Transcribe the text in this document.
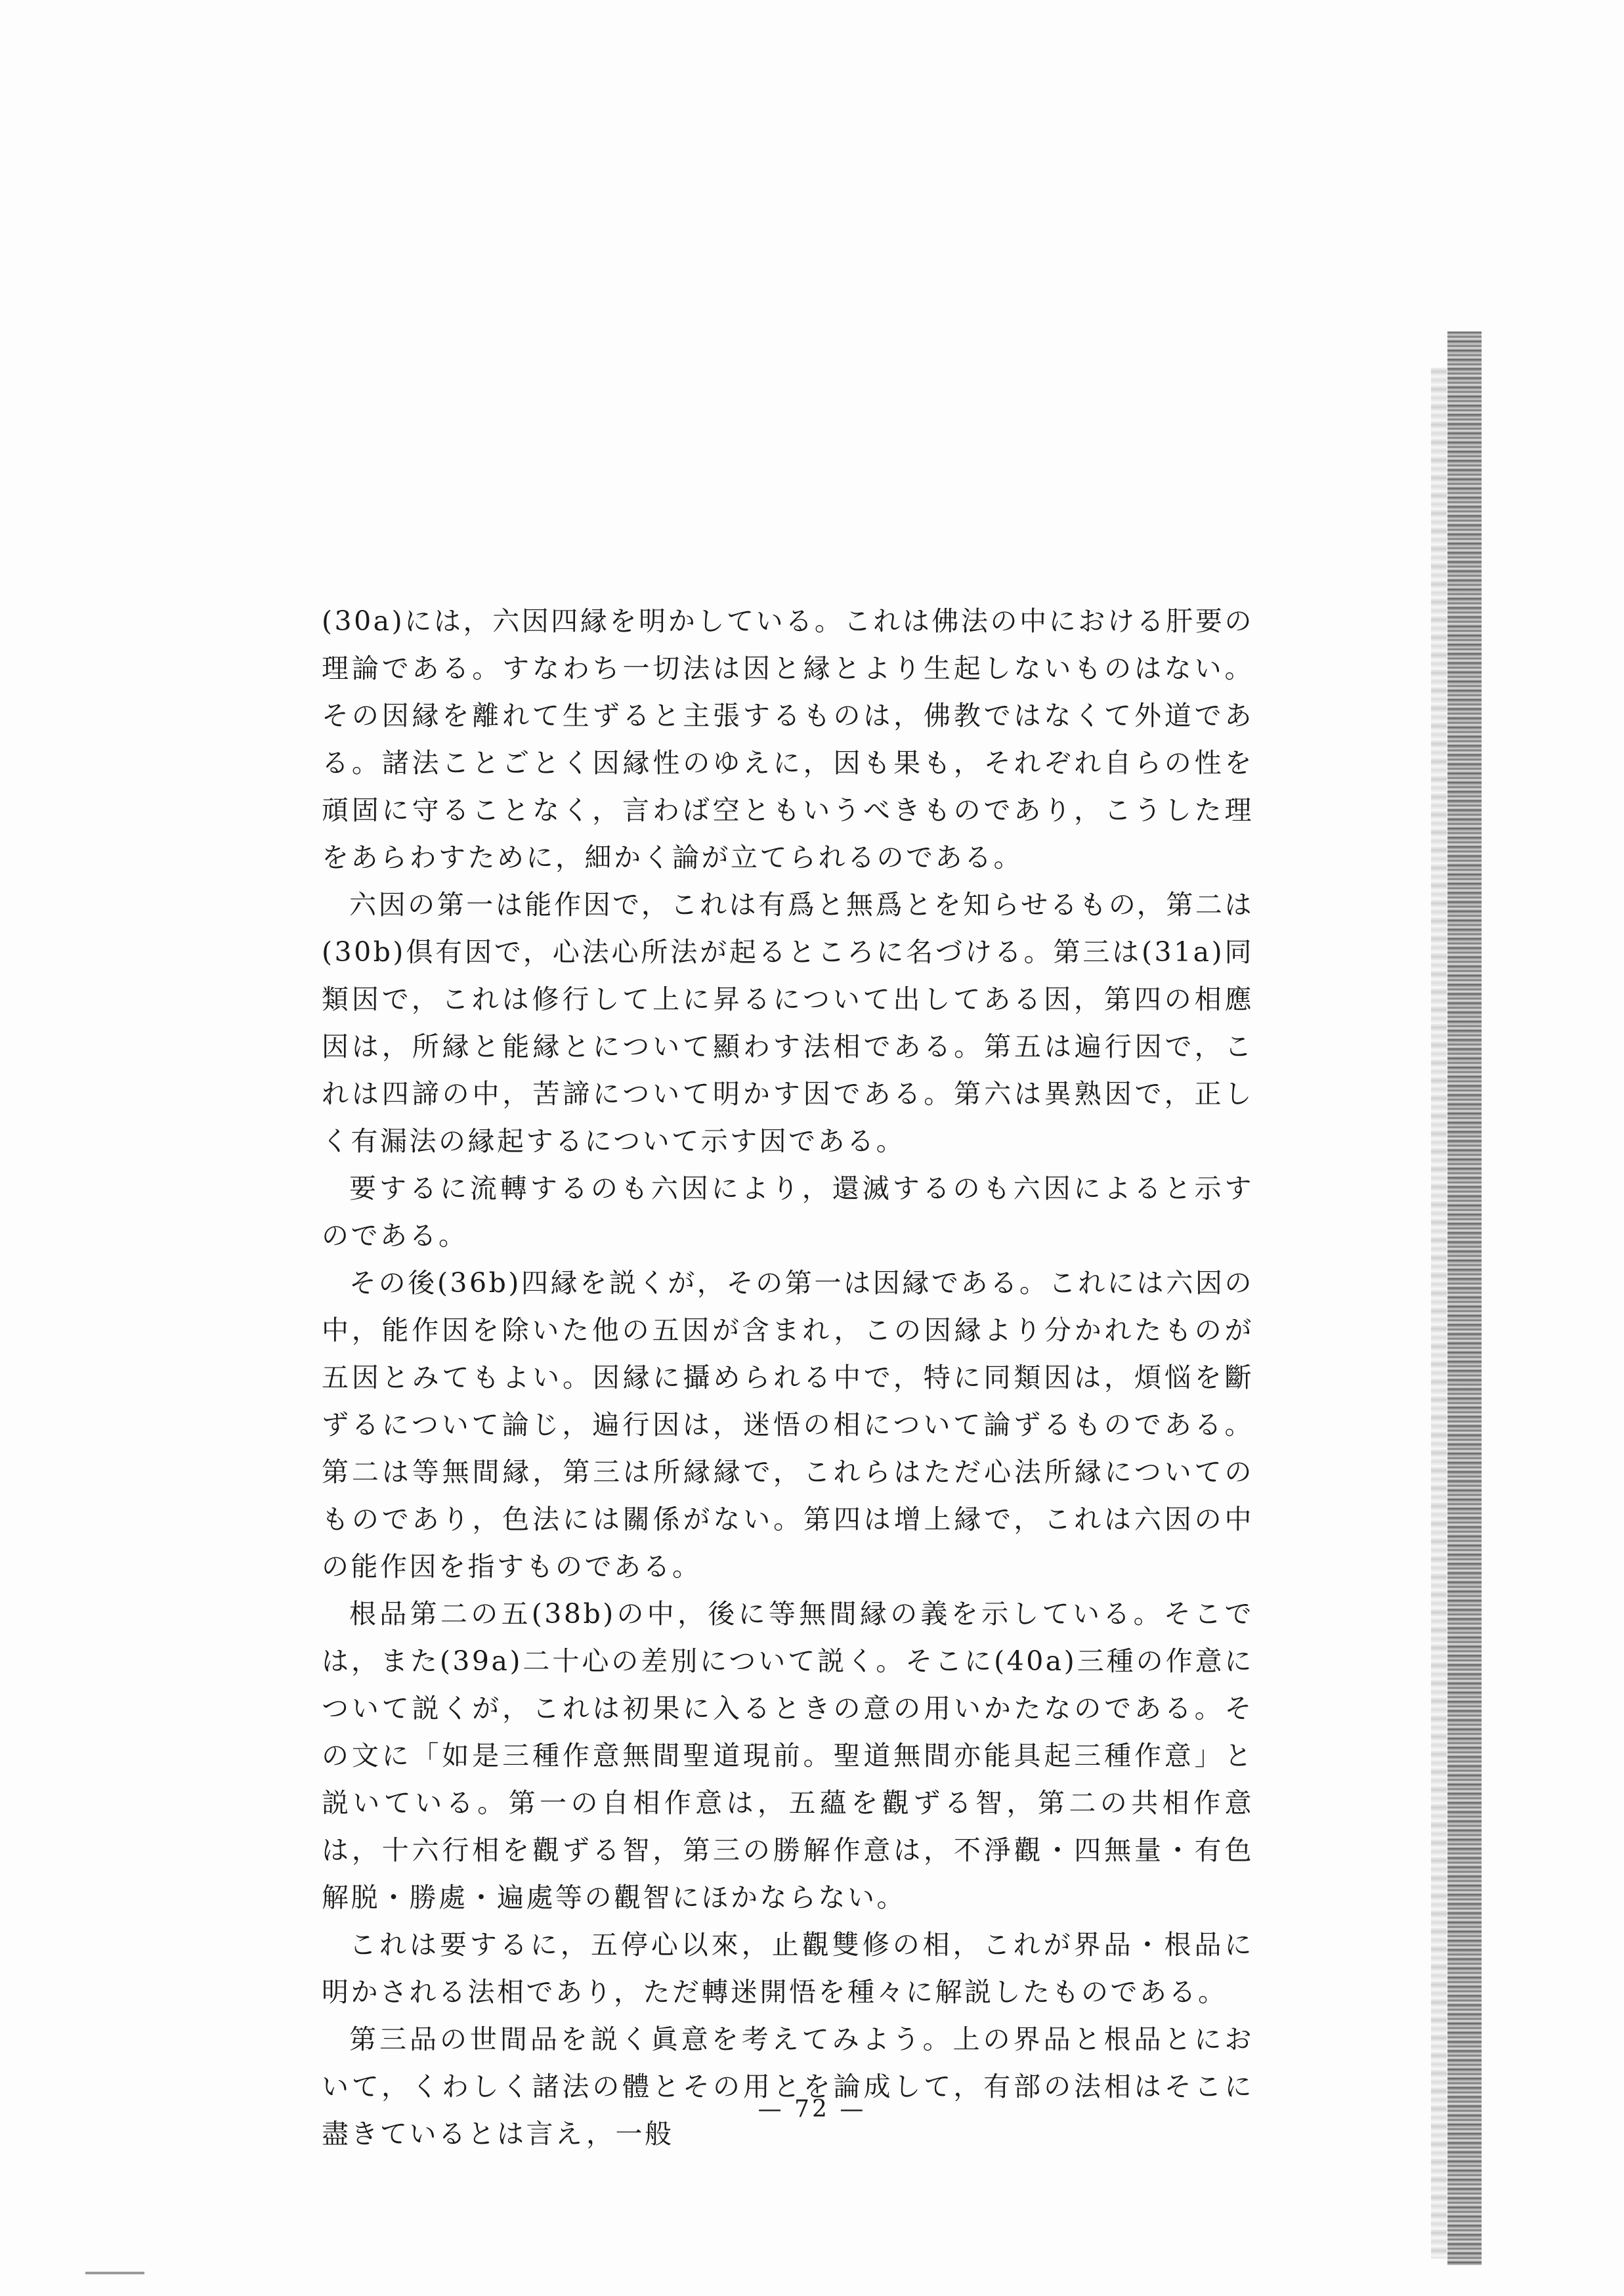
(30a)には，六因四縁を明かしている。これは佛法の中における肝要の理論である。すなわち一切法は因と縁とより生起しないものはない。その因縁を離れて生ずると主張するものは，佛教ではなくて外道である。諸法ことごとく因縁性のゆえに，因も果も，それぞれ自らの性を頑固に守ることなく，言わば空ともいうべきものであり，こうした理をあらわすために，細かく論が立てられるのである。

六因の第一は能作因で，これは有爲と無爲とを知らせるもの，第二は(30b)倶有因で，心法心所法が起るところに名づける。第三は(31a)同類因で，これは修行して上に昇るについて出してある因，第四の相應因は，所縁と能縁とについて顯わす法相である。第五は遍行因で，これは四諦の中，苦諦について明かす因である。第六は異熟因で，正しく有漏法の縁起するについて示す因である。

要するに流轉するのも六因により，還滅するのも六因によると示すのである。

その後(36b)四縁を説くが，その第一は因縁である。これには六因の中，能作因を除いた他の五因が含まれ，この因縁より分かれたものが五因とみてもよい。因縁に攝められる中で，特に同類因は，煩悩を斷ずるについて論じ，遍行因は，迷悟の相について論ずるものである。第二は等無間縁，第三は所縁縁で，これらはただ心法所縁についてのものであり，色法には關係がない。第四は增上縁で，これは六因の中の能作因を指すものである。

根品第二の五(38b)の中，後に等無間縁の義を示している。そこでは，また(39a)二十心の差別について説く。そこに(40a)三種の作意について説くが，これは初果に入るときの意の用いかたなのである。その文に「如是三種作意無間聖道現前。聖道無間亦能具起三種作意」と説いている。第一の自相作意は，五蘊を觀ずる智，第二の共相作意は，十六行相を觀ずる智，第三の勝解作意は，不淨觀・四無量・有色解脱・勝處・遍處等の觀智にほかならない。

これは要するに，五停心以來，止觀雙修の相，これが界品・根品に明かされる法相であり，ただ轉迷開悟を種々に解説したものである。

第三品の世間品を説く眞意を考えてみよう。上の界品と根品とにおいて，くわしく諸法の體とその用とを論成して，有部の法相はそこに盡きているとは言え，一般

— 72 —
